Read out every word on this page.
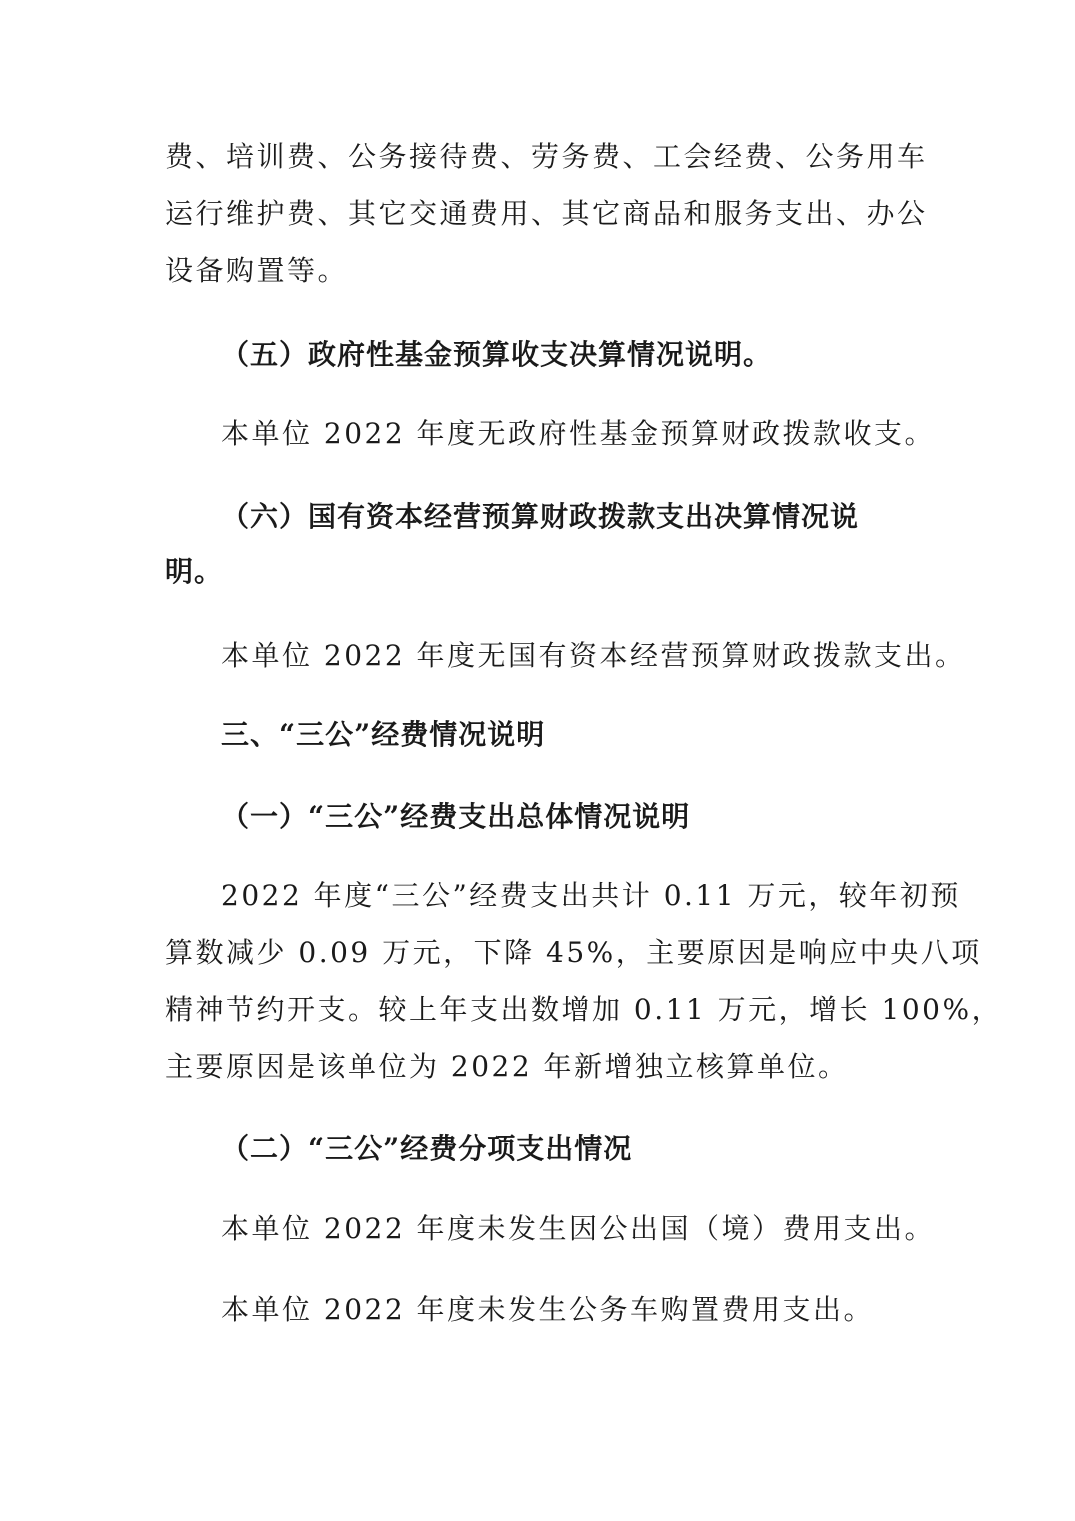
费、培训费、公务接待费、劳务费、工会经费、公务用车
运行维护费、其它交通费用、其它商品和服务支出、办公
设备购置等。
（五）政府性基金预算收支决算情况说明。
本单位 2022 年度无政府性基金预算财政拨款收支。
（六）国有资本经营预算财政拨款支出决算情况说
明。
本单位 2022 年度无国有资本经营预算财政拨款支出。
三、“三公”经费情况说明
（一）“三公”经费支出总体情况说明
2022 年度“三公”经费支出共计 0.11 万元，较年初预
算数减少 0.09 万元，下降 45%，主要原因是响应中央八项
精神节约开支。较上年支出数增加 0.11 万元，增长 100%，
主要原因是该单位为 2022 年新增独立核算单位。
（二）“三公”经费分项支出情况
本单位 2022 年度未发生因公出国（境）费用支出。
本单位 2022 年度未发生公务车购置费用支出。
